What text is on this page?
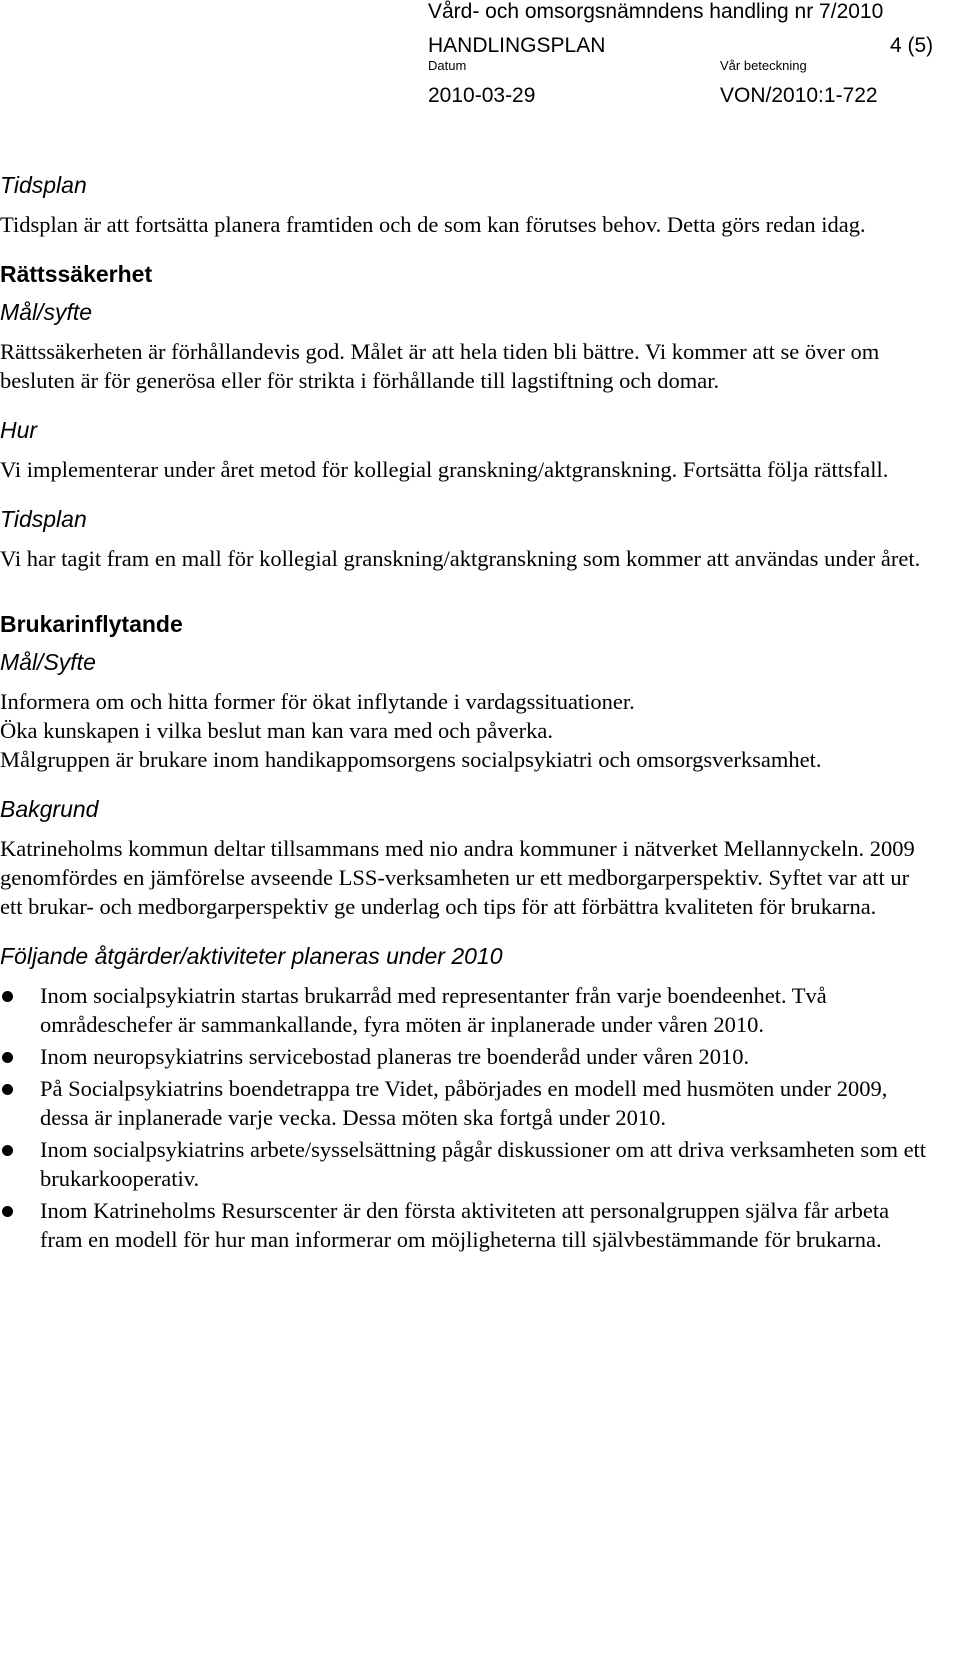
Vård- och omsorgsnämndens handling nr 7/2010
HANDLINGSPLAN	4 (5)
Datum	Vår beteckning
2010-03-29	VON/2010:1-722
Tidsplan
Tidsplan är att fortsätta planera framtiden och de som kan förutses behov. Detta görs redan idag.
Rättssäkerhet
Mål/syfte
Rättssäkerheten är förhållandevis god. Målet är att hela tiden bli bättre. Vi kommer att se över om besluten är för generösa eller för strikta i förhållande till lagstiftning och domar.
Hur
Vi implementerar under året metod för kollegial granskning/aktgranskning. Fortsätta följa rättsfall.
Tidsplan
Vi har tagit fram en mall för kollegial granskning/aktgranskning som kommer att användas under året.
Brukarinflytande
Mål/Syfte
Informera om och hitta former för ökat inflytande i vardagssituationer.
Öka kunskapen i vilka beslut man kan vara med och påverka.
Målgruppen är brukare inom handikappomsorgens socialpsykiatri och omsorgsverksamhet.
Bakgrund
Katrineholms kommun deltar tillsammans med nio andra kommuner i nätverket Mellannyckeln. 2009 genomfördes en jämförelse avseende LSS-verksamheten ur ett medborgarperspektiv. Syftet var att ur ett brukar- och medborgarperspektiv ge underlag och tips för att förbättra kvaliteten för brukarna.
Följande åtgärder/aktiviteter planeras under 2010
Inom socialpsykiatrin startas brukarråd med representanter från varje boendeenhet. Två områdeschefer är sammankallande, fyra möten är inplanerade under våren 2010.
Inom neuropsykiatrins servicebostad planeras tre boenderåd under våren 2010.
På Socialpsykiatrins boendetrappa tre Videt, påbörjades en modell med husmöten under 2009, dessa är inplanerade varje vecka. Dessa möten ska fortgå under 2010.
Inom socialpsykiatrins arbete/sysselsättning pågår diskussioner om att driva verksamheten som ett brukarkooperativ.
Inom Katrineholms Resurscenter är den första aktiviteten att personalgruppen själva får arbeta fram en modell för hur man informerar om möjligheterna till självbestämmande för brukarna.
